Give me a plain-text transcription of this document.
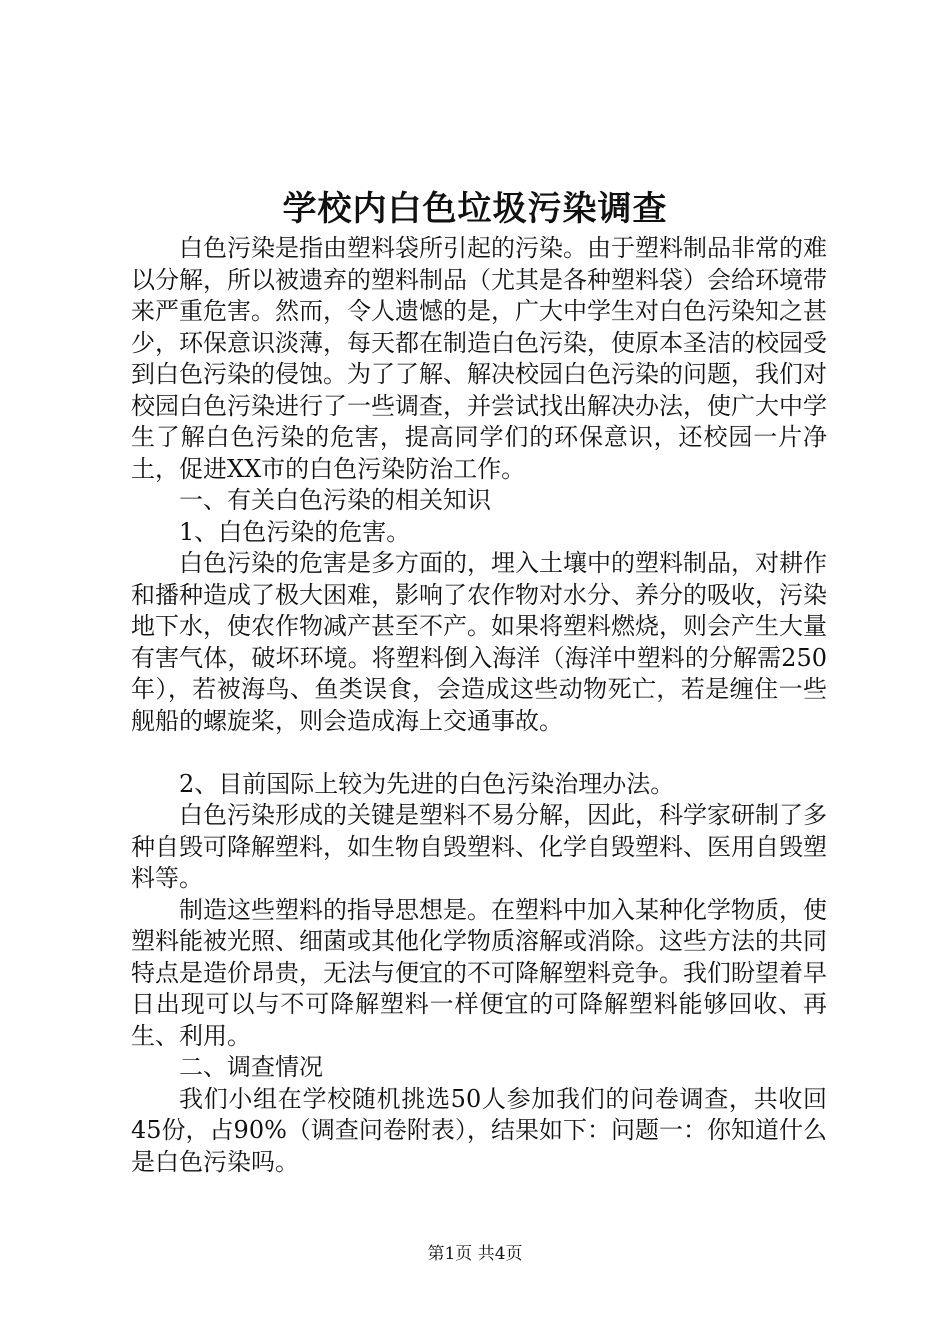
学校内白色垃圾污染调查

白色污染是指由塑料袋所引起的污染。由于塑料制品非常的难以分解，所以被遗弃的塑料制品（尤其是各种塑料袋）会给环境带来严重危害。然而，令人遗憾的是，广大中学生对白色污染知之甚少，环保意识淡薄，每天都在制造白色污染，使原本圣洁的校园受到白色污染的侵蚀。为了了解、解决校园白色污染的问题，我们对校园白色污染进行了一些调查，并尝试找出解决办法，使广大中学生了解白色污染的危害，提高同学们的环保意识，还校园一片净土，促进XX市的白色污染防治工作。

一、有关白色污染的相关知识

1、白色污染的危害。

白色污染的危害是多方面的，埋入土壤中的塑料制品，对耕作和播种造成了极大困难，影响了农作物对水分、养分的吸收，污染地下水，使农作物减产甚至不产。如果将塑料燃烧，则会产生大量有害气体，破坏环境。将塑料倒入海洋（海洋中塑料的分解需250年），若被海鸟、鱼类误食，会造成这些动物死亡，若是缠住一些舰船的螺旋桨，则会造成海上交通事故。

2、目前国际上较为先进的白色污染治理办法。

白色污染形成的关键是塑料不易分解，因此，科学家研制了多种自毁可降解塑料，如生物自毁塑料、化学自毁塑料、医用自毁塑料等。

制造这些塑料的指导思想是。在塑料中加入某种化学物质，使塑料能被光照、细菌或其他化学物质溶解或消除。这些方法的共同特点是造价昂贵，无法与便宜的不可降解塑料竞争。我们盼望着早日出现可以与不可降解塑料一样便宜的可降解塑料能够回收、再生、利用。

二、调查情况

我们小组在学校随机挑选50人参加我们的问卷调查，共收回45份，占90%（调查问卷附表），结果如下：问题一：你知道什么是白色污染吗。

第1页 共4页
